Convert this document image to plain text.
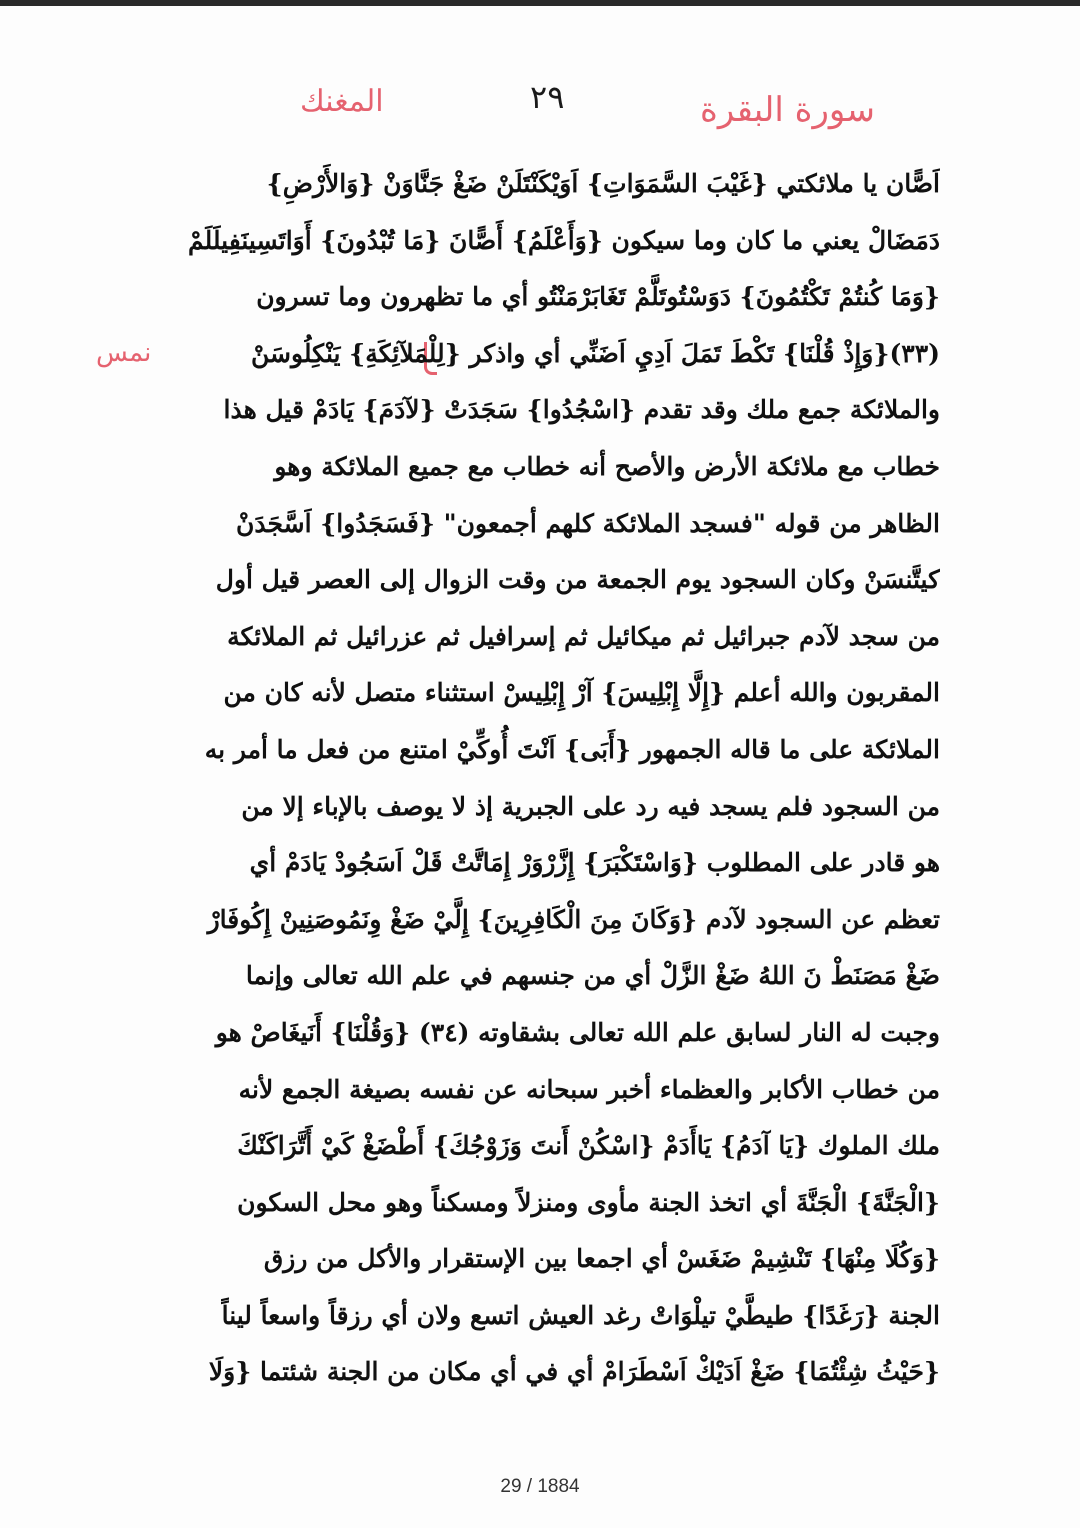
المغنك	٢٩	سورة البقرة
نمس
اَصًّان يا ملائكتي {غَيْبَ السَّمَوَاتِ} اَوَيْكَنْتَلَنْ ضَغْ جَنَّاوَنْ {وَالأَرْضِ}
دَمَضَالْ يعني ما كان وما سيكون {وَأَعْلَمُ} أَصًّانَ {مَا تُبْدُونَ} أَوَاتَسِينَفِيلَلَمْ
{وَمَا كُنتُمْ تَكْتُمُونَ} دَوَسْتُوتَلَّمْ تَغَابَرْمَنْتُو أي ما تظهرون وما تسرون
(٣٣){وَإِذْ قُلْنَا} تَكْطَ تَمَلَ اَدِيِ اَضَنِّي أي واذكر {لِلْمَلآئِكَةِ} يَنْكِلُوسَنْ
والملائكة جمع ملك وقد تقدم {اسْجُدُوا} سَجَدَتْ {لآدَمَ} يَادَمْ قيل هذا
خطاب مع ملائكة الأرض والأصح أنه خطاب مع جميع الملائكة وهو
الظاهر من قوله "فسجد الملائكة كلهم أجمعون" {فَسَجَدُوا} اَسَّجَدَنْ
كيتَّنسَنْ وكان السجود يوم الجمعة من وقت الزوال إلى العصر قيل أول
من سجد لآدم جبرائيل ثم ميكائيل ثم إسرافيل ثم عزرائيل ثم الملائكة
المقربون والله أعلم {إِلَّا إِبْلِيسَ} آرْ إِبْلِيسْ استثناء متصل لأنه كان من
الملائكة على ما قاله الجمهور {أَبَى} اَنْتَ أُوكِّيْ امتنع من فعل ما أمر به
من السجود فلم يسجد فيه رد على الجبرية إذ لا يوصف بالإباء إلا من
هو قادر على المطلوب {وَاسْتَكْبَرَ} إِزَّرْوَرْ إِمَاتَّتْ قَلْ اَسَجُودْ يَادَمْ أي
تعظم عن السجود لآدم {وَكَانَ مِنَ الْكَافِرِينَ} إِلَّيْ ضَغْ وِنَمُوصَنِينْ إِكُوفَارْ
ضَغْ مَصَنَطْ نَ اللهُ ضَغْ الزَّلْ أي من جنسهم في علم الله تعالى وإنما
وجبت له النار لسابق علم الله تعالى بشقاوته (٣٤) {وَقُلْنَا} أَنَيغَاصْ هو
من خطاب الأكابر والعظماء أخبر سبحانه عن نفسه بصيغة الجمع لأنه
ملك الملوك {يَا آدَمُ} يَاأَدَمْ {اسْكُنْ أَنتَ وَزَوْجُكَ} أَطْضَغْ كَيْ أَتَّرَاكَنْكَ
{الْجَنَّةَ} الْجَنَّةَ أي اتخذ الجنة مأوى ومنزلاً ومسكناً وهو محل السكون
{وَكُلَا مِنْهَا} تَنْشِيمْ ضَغَسْ أي اجمعا بين الإستقرار والأكل من رزق
الجنة {رَغَدًا} طيطَّيْ تيلْوَاتْ رغد العيش اتسع ولان أي رزقاً واسعاً ليناً
{حَيْثُ شِئْتُمَا} ضَغْ اَدَيْكْ اَسْطَرَامْ أي في أي مكان من الجنة شئتما {وَلَا
29 / 1884
